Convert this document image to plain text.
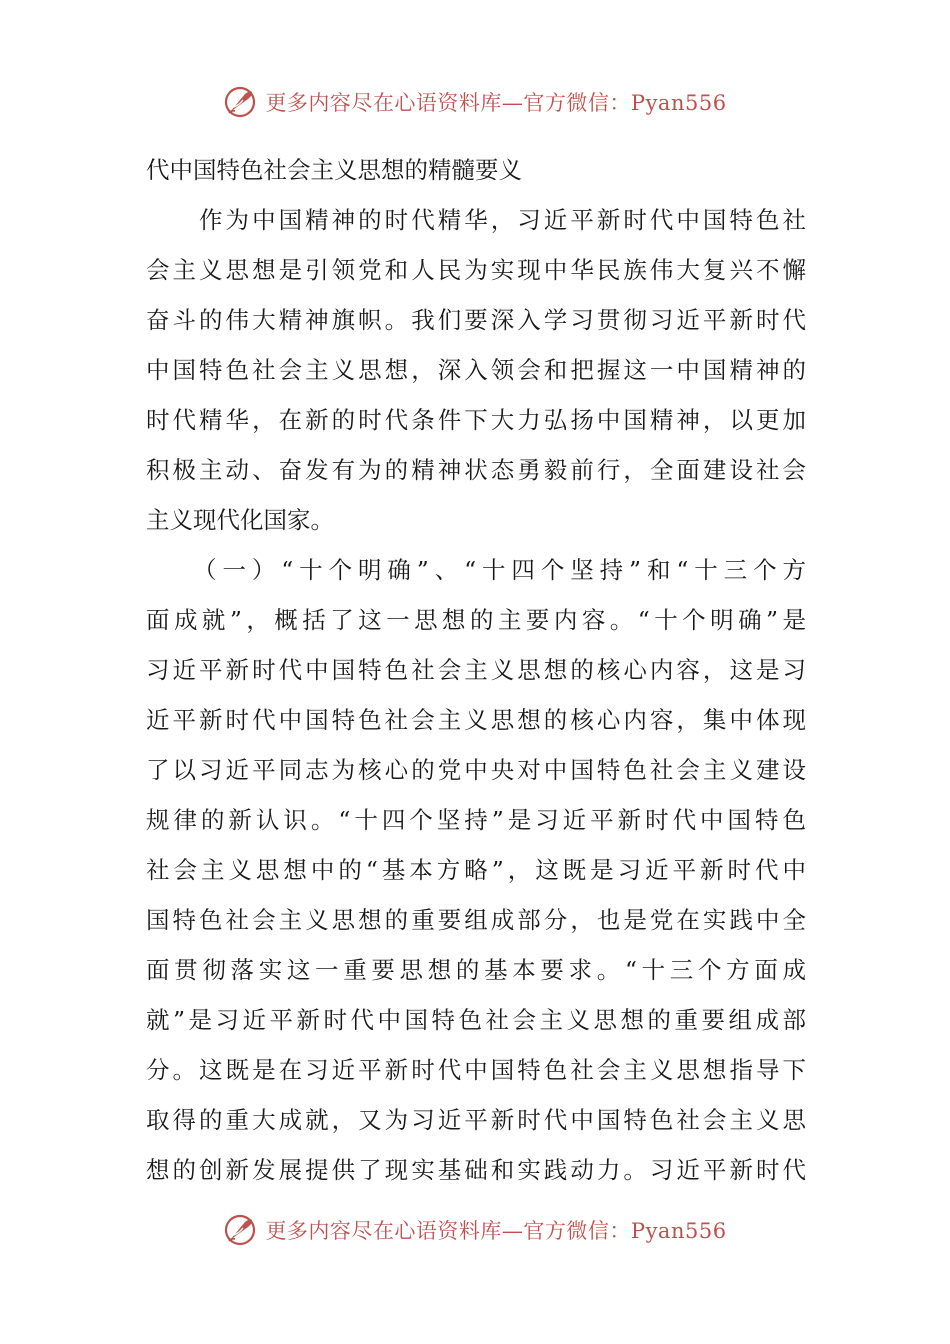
更多内容尽在心语资料库—官方微信：Pyan556
代中国特色社会主义思想的精髓要义
　　作为中国精神的时代精华，习近平新时代中国特色社
会主义思想是引领党和人民为实现中华民族伟大复兴不懈
奋斗的伟大精神旗帜。我们要深入学习贯彻习近平新时代
中国特色社会主义思想，深入领会和把握这一中国精神的
时代精华，在新的时代条件下大力弘扬中国精神，以更加
积极主动、奋发有为的精神状态勇毅前行，全面建设社会
主义现代化国家。
　　（一）“十个明确”、“十四个坚持”和“十三个方
面成就”，概括了这一思想的主要内容。“十个明确”是
习近平新时代中国特色社会主义思想的核心内容，这是习
近平新时代中国特色社会主义思想的核心内容，集中体现
了以习近平同志为核心的党中央对中国特色社会主义建设
规律的新认识。“十四个坚持”是习近平新时代中国特色
社会主义思想中的“基本方略”，这既是习近平新时代中
国特色社会主义思想的重要组成部分，也是党在实践中全
面贯彻落实这一重要思想的基本要求。“十三个方面成
就”是习近平新时代中国特色社会主义思想的重要组成部
分。这既是在习近平新时代中国特色社会主义思想指导下
取得的重大成就，又为习近平新时代中国特色社会主义思
想的创新发展提供了现实基础和实践动力。习近平新时代
更多内容尽在心语资料库—官方微信：Pyan556
